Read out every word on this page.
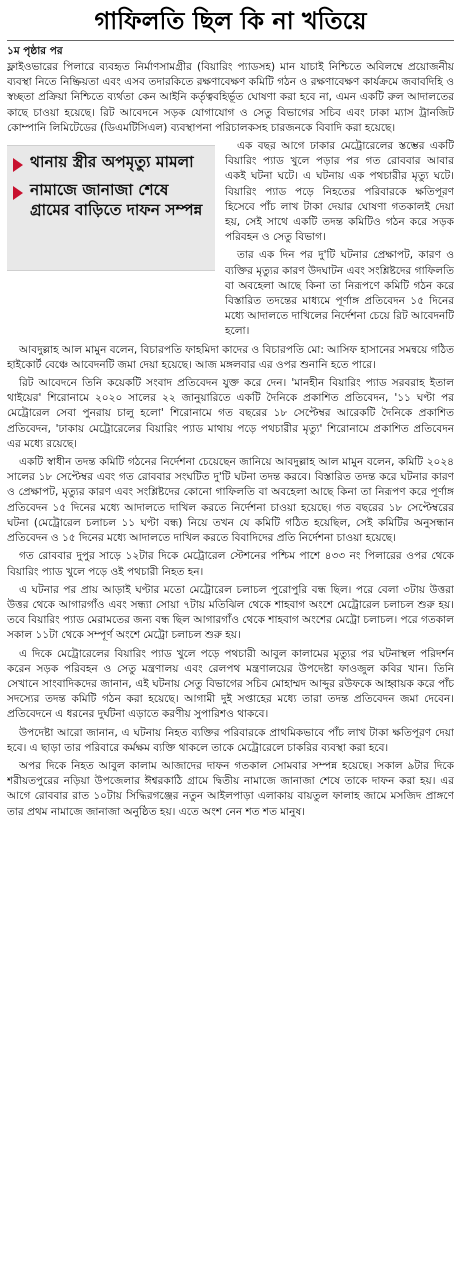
গাফিলতি ছিল কি না খতিয়ে
১ম পৃষ্ঠার পর

ফ্লাইওভারের পিলারে ব্যবহৃত নির্মাণসামগ্রীর (বিয়ারিং প্যাডসহ) মান যাচাই নিশ্চিতে অবিলম্বে প্রয়োজনীয় ব্যবস্থা নিতে নিষ্ক্রিয়তা এবং এসব তদারকিতে রক্ষণাবেক্ষণ কমিটি গঠন ও রক্ষণাবেক্ষণ কার্যক্রমে জবাবদিহি ও স্বচ্ছতা প্রক্রিয়া নিশ্চিতে ব্যর্থতা কেন আইনি কর্তৃত্ববহির্ভূত ঘোষণা করা হবে না, এমন একটি রুল আদালতের কাছে চাওয়া হয়েছে। রিট আবেদনে সড়ক যোগাযোগ ও সেতু বিভাগের সচিব এবং ঢাকা ম্যাস ট্রানজিট কোম্পানি লিমিটেডের (ডিএমটিসিএল) ব্যবস্থাপনা পরিচালকসহ চারজনকে বিবাদি করা হয়েছে।

থানায় স্ত্রীর অপমৃত্যু মামলা
নামাজে জানাজা শেষে গ্রামের বাড়িতে দাফন সম্পন্ন

এক বছর আগে ঢাকার মেট্রোরেলের স্তম্ভের একটি বিয়ারিং প্যাড খুলে পড়ার পর গত রোববার আবার একই ঘটনা ঘটে। এ ঘটনায় এক পথচারীর মৃত্যু ঘটে। বিয়ারিং প্যাড পড়ে নিহতের পরিবারকে ক্ষতিপূরণ হিসেবে পাঁচ লাখ টাকা দেয়ার ঘোষণা গতকালই দেয়া হয়, সেই সাথে একটি তদন্ত কমিটিও গঠন করে সড়ক পরিবহন ও সেতু বিভাগ।

তার এক দিন পর দু'টি ঘটনার প্রেক্ষাপট, কারণ ও ব্যক্তির মৃত্যুর কারণ উদঘাটন এবং সংশ্লিষ্টদের গাফিলতি বা অবহেলা আছে কিনা তা নিরূপণে কমিটি গঠন করে বিস্তারিত তদন্তের মাধ্যমে পূর্ণাঙ্গ প্রতিবেদন ১৫ দিনের মধ্যে আদালতে দাখিলের নির্দেশনা চেয়ে রিট আবেদনটি হলো।

আবদুল্লাহ আল মামুন বলেন, বিচারপতি ফাহমিদা কাদের ও বিচারপতি মো: আসিফ হাসানের সমন্বয়ে গঠিত হাইকোর্ট বেঞ্চে আবেদনটি জমা দেয়া হয়েছে। আজ মঙ্গলবার এর ওপর শুনানি হতে পারে।

রিট আবেদনে তিনি কয়েকটি সংবাদ প্রতিবেদন যুক্ত করে দেন। 'মানহীন বিয়ারিং প্যাড সরবরাহ ইতাল থাইয়ের' শিরোনামে ২০২০ সালের ২২ জানুয়ারিতে একটি দৈনিকে প্রকাশিত প্রতিবেদন, '১১ ঘণ্টা পর মেট্রোরেল সেবা পুনরায় চালু হলো' শিরোনামে গত বছরের ১৮ সেপ্টেম্বর আরেকটি দৈনিকে প্রকাশিত প্রতিবেদন, 'ঢাকায় মেট্রোরেলের বিয়ারিং প্যাড মাথায় পড়ে পথচারীর মৃত্যু' শিরোনামে প্রকাশিত প্রতিবেদন এর মধ্যে রয়েছে।

একটি স্বাধীন তদন্ত কমিটি গঠনের নির্দেশনা চেয়েছেন জানিয়ে আবদুল্লাহ আল মামুন বলেন, কমিটি ২০২৪ সালের ১৮ সেপ্টেম্বর এবং গত রোববার সংঘটিত দু'টি ঘটনা তদন্ত করবে। বিস্তারিত তদন্ত করে ঘটনার কারণ ও প্রেক্ষাপট, মৃত্যুর কারণ এবং সংশ্লিষ্টদের কোনো গাফিলতি বা অবহেলা আছে কিনা তা নিরূপণ করে পূর্ণাঙ্গ প্রতিবেদন ১৫ দিনের মধ্যে আদালতে দাখিল করতে নির্দেশনা চাওয়া হয়েছে। গত বছরের ১৮ সেপ্টেম্বরের ঘটনা (মেট্রোরেল চলাচল ১১ ঘণ্টা বন্ধ) নিয়ে তখন যে কমিটি গঠিত হয়েছিল, সেই কমিটির অনুসন্ধান প্রতিবেদন ও ১৫ দিনের মধ্যে আদালতে দাখিল করতে বিবাদিদের প্রতি নির্দেশনা চাওয়া হয়েছে।

গত রোববার দুপুর সাড়ে ১২টার দিকে মেট্রোরেল স্টেশনের পশ্চিম পাশে ৪৩৩ নং পিলারের ওপর থেকে বিয়ারিং প্যাড খুলে পড়ে ওই পথচারী নিহত হন।

এ ঘটনার পর প্রায় আড়াই ঘণ্টার মতো মেট্রোরেল চলাচল পুরোপুরি বন্ধ ছিল। পরে বেলা ৩টায় উত্তরা উত্তর থেকে আগারগাঁও এবং সন্ধ্যা সোয়া ৭টায় মতিঝিল থেকে শাহবাগ অংশে মেট্রোরেল চলাচল শুরু হয়। তবে বিয়ারিং প্যাড মেরামতের জন্য বন্ধ ছিল আগারগাঁও থেকে শাহবাগ অংশের মেট্রো চলাচল। পরে গতকাল সকাল ১১টা থেকে সম্পূর্ণ অংশে মেট্রো চলাচল শুরু হয়।

এ দিকে মেট্রোরেলের বিয়ারিং প্যাড খুলে পড়ে পথচারী আবুল কালামের মৃত্যুর পর ঘটনাস্থল পরিদর্শন করেন সড়ক পরিবহন ও সেতু মন্ত্রণালয় এবং রেলপথ মন্ত্রণালয়ের উপদেষ্টা ফাওজুল কবির খান। তিনি সেখানে সাংবাদিকদের জানান, এই ঘটনায় সেতু বিভাগের সচিব মোহাম্মদ আব্দুর রউফকে আহ্বায়ক করে পাঁচ সদস্যের তদন্ত কমিটি গঠন করা হয়েছে। আগামী দুই সপ্তাহের মধ্যে তারা তদন্ত প্রতিবেদন জমা দেবেন। প্রতিবেদনে এ ধরনের দুর্ঘটনা এড়াতে করণীয় সুপারিশও থাকবে।

উপদেষ্টা আরো জানান, এ ঘটনায় নিহত ব্যক্তির পরিবারকে প্রাথমিকভাবে পাঁচ লাখ টাকা ক্ষতিপূরণ দেয়া হবে। এ ছাড়া তার পরিবারে কর্মক্ষম ব্যক্তি থাকলে তাকে মেট্রোরেলে চাকরির ব্যবস্থা করা হবে।

অপর দিকে নিহত আবুল কালাম আজাদের দাফন গতকাল সোমবার সম্পন্ন হয়েছে। সকাল ৯টার দিকে শরীয়তপুরের নড়িয়া উপজেলার ঈশ্বরকাঠি গ্রামে দ্বিতীয় নামাজে জানাজা শেষে তাকে দাফন করা হয়। এর আগে রোববার রাত ১০টায় সিদ্ধিরগঞ্জের নতুন আইলপাড়া এলাকায় বায়তুল ফালাহ জামে মসজিদ প্রাঙ্গণে তার প্রথম নামাজে জানাজা অনুষ্ঠিত হয়। এতে অংশ নেন শত শত মানুষ।
